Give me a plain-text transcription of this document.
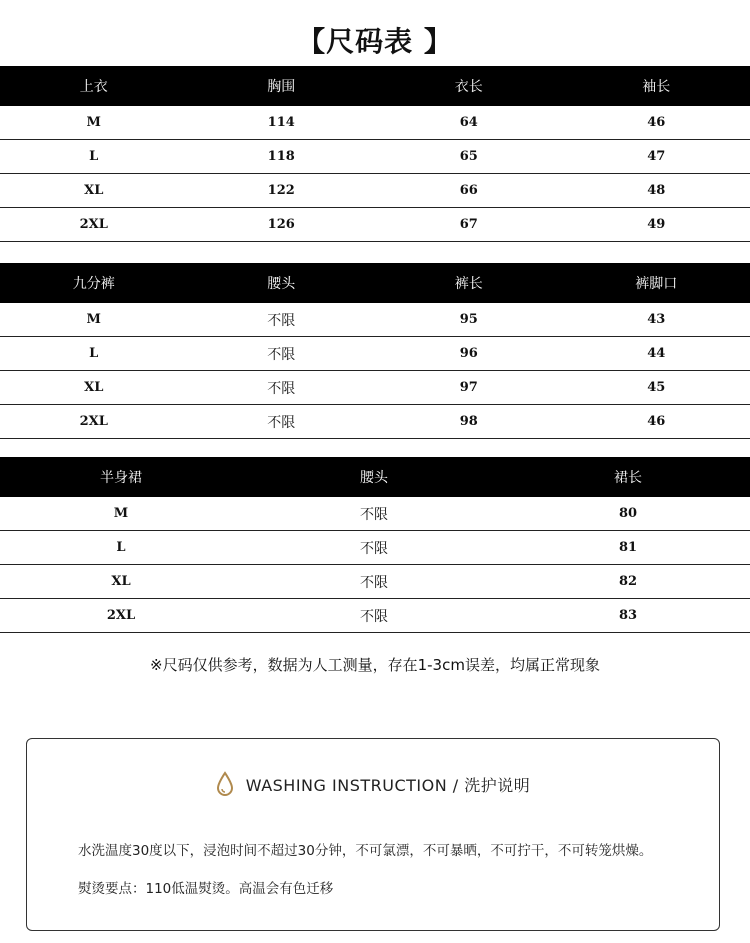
【尺码表 】
上衣	胸围	衣长	袖长
M	114	64	46
L	118	65	47
XL	122	66	48
2XL	126	67	49
九分裤	腰头	裤长	裤脚口
M	不限	95	43
L	不限	96	44
XL	不限	97	45
2XL	不限	98	46
半身裙	腰头	裙长
M	不限	80
L	不限	81
XL	不限	82
2XL	不限	83
※尺码仅供参考，数据为人工测量，存在1-3cm误差，均属正常现象
WASHING INSTRUCTION / 洗护说明
水洗温度30度以下，浸泡时间不超过30分钟，不可氯漂，不可暴晒，不可拧干，不可转笼烘燥。
熨烫要点：110低温熨烫。高温会有色迁移
